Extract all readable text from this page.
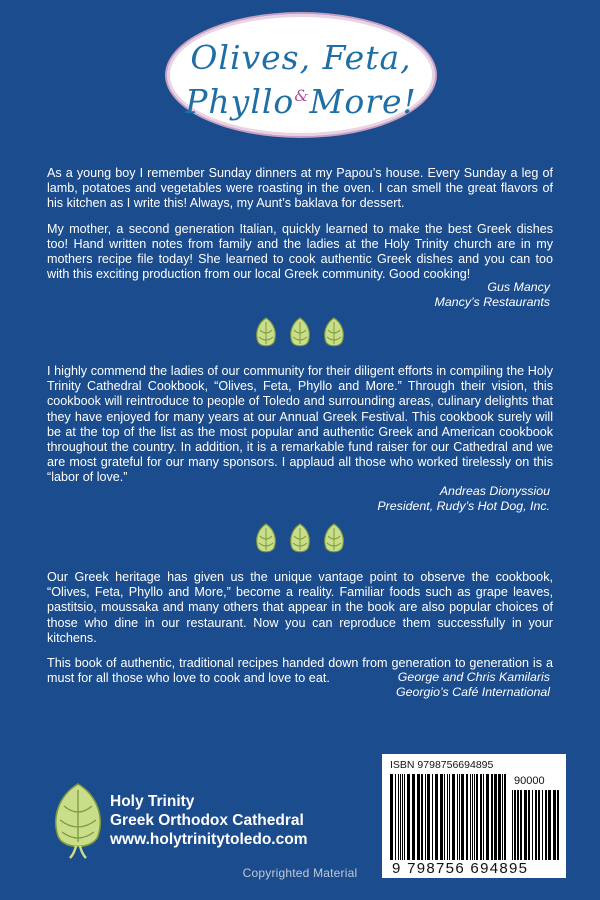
Olives, Feta,
Phyllo&More!

As a young boy I remember Sunday dinners at my Papou’s house. Every Sunday a leg of lamb, potatoes and vegetables were roasting in the oven. I can smell the great flavors of his kitchen as I write this! Always, my Aunt’s baklava for dessert.

My mother, a second generation Italian, quickly learned to make the best Greek dishes too! Hand written notes from family and the ladies at the Holy Trinity church are in my mothers recipe file today! She learned to cook authentic Greek dishes and you can too with this exciting production from our local Greek community. Good cooking!

Gus Mancy
Mancy’s Restaurants

I highly commend the ladies of our community for their diligent efforts in compiling the Holy Trinity Cathedral Cookbook, “Olives, Feta, Phyllo and More.” Through their vision, this cookbook will reintroduce to people of Toledo and surrounding areas, culinary delights that they have enjoyed for many years at our Annual Greek Festival. This cookbook surely will be at the top of the list as the most popular and authentic Greek and American cookbook throughout the country. In addition, it is a remarkable fund raiser for our Cathedral and we are most grateful for our many sponsors. I applaud all those who worked tirelessly on this “labor of love.”

Andreas Dionyssiou
President, Rudy’s Hot Dog, Inc.

Our Greek heritage has given us the unique vantage point to observe the cookbook, “Olives, Feta, Phyllo and More,” become a reality. Familiar foods such as grape leaves, pastitsio, moussaka and many others that appear in the book are also popular choices of those who dine in our restaurant. Now you can reproduce them successfully in your kitchens.

This book of authentic, traditional recipes handed down from generation to generation is a must for all those who love to cook and love to eat.	George and Chris Kamilaris
Georgio’s Café International
Holy Trinity
Greek Orthodox Cathedral
www.holytrinitytoledo.com
ISBN 9798756694895
90000
9 798756 694895
Copyrighted Material
